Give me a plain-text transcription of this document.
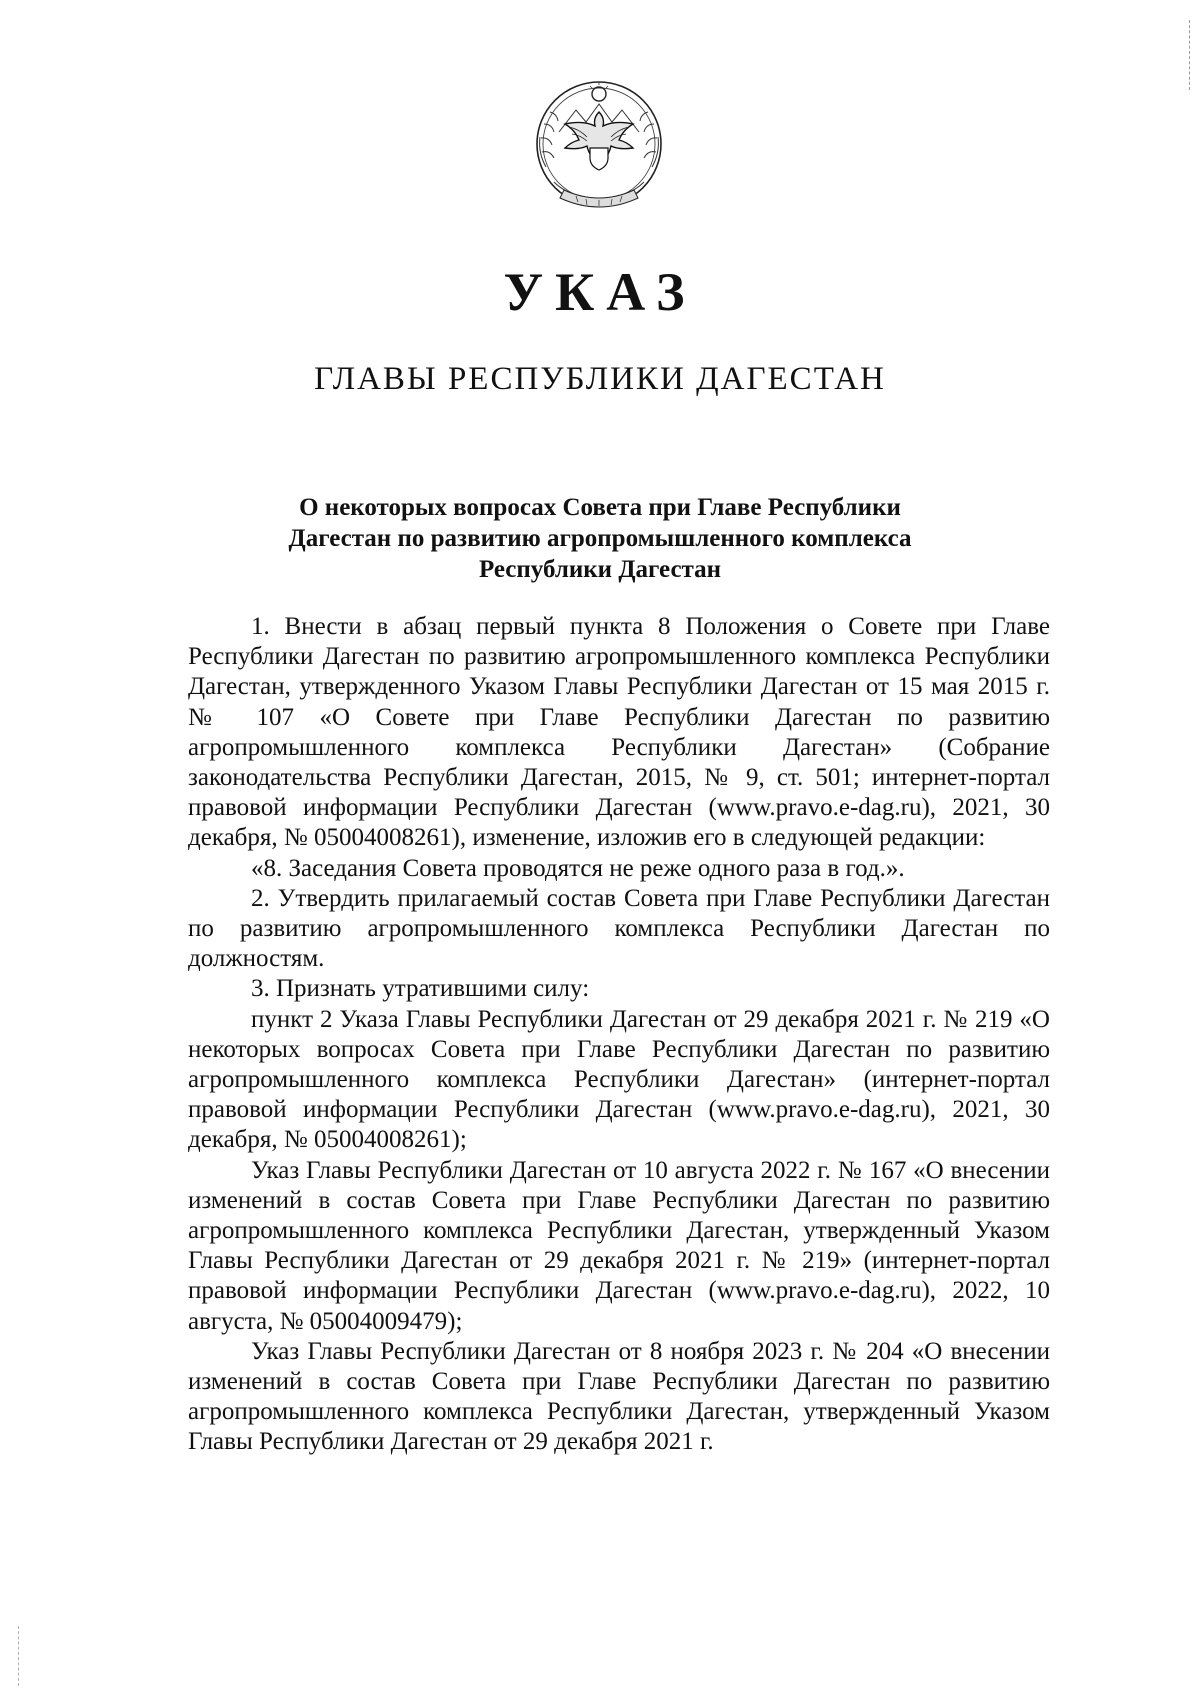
УКАЗ
ГЛАВЫ РЕСПУБЛИКИ ДАГЕСТАН
О некоторых вопросах Совета при Главе Республики
Дагестан по развитию агропромышленного комплекса
Республики Дагестан

1. Внести в абзац первый пункта 8 Положения о Совете при Главе Республики Дагестан по развитию агропромышленного комплекса Республики Дагестан, утвержденного Указом Главы Республики Дагестан от 15 мая 2015 г. № 107 «О Совете при Главе Республики Дагестан по развитию агропромышленного комплекса Республики Дагестан» (Собрание законодательства Республики Дагестан, 2015, № 9, ст. 501; интернет-портал правовой информации Республики Дагестан (www.pravo.e-dag.ru), 2021, 30 декабря, № 05004008261), изменение, изложив его в следующей редакции:

«8. Заседания Совета проводятся не реже одного раза в год.».

2. Утвердить прилагаемый состав Совета при Главе Республики Дагестан по развитию агропромышленного комплекса Республики Дагестан по должностям.

3. Признать утратившими силу:

пункт 2 Указа Главы Республики Дагестан от 29 декабря 2021 г. № 219 «О некоторых вопросах Совета при Главе Республики Дагестан по развитию агропромышленного комплекса Республики Дагестан» (интернет-портал правовой информации Республики Дагестан (www.pravo.e-dag.ru), 2021, 30 декабря, № 05004008261);

Указ Главы Республики Дагестан от 10 августа 2022 г. № 167 «О внесении изменений в состав Совета при Главе Республики Дагестан по развитию агропромышленного комплекса Республики Дагестан, утвержденный Указом Главы Республики Дагестан от 29 декабря 2021 г. № 219» (интернет-портал правовой информации Республики Дагестан (www.pravo.e-dag.ru), 2022, 10 августа, № 05004009479);

Указ Главы Республики Дагестан от 8 ноября 2023 г. № 204 «О внесении изменений в состав Совета при Главе Республики Дагестан по развитию агропромышленного комплекса Республики Дагестан, утвержденный Указом Главы Республики Дагестан от 29 декабря 2021 г.
